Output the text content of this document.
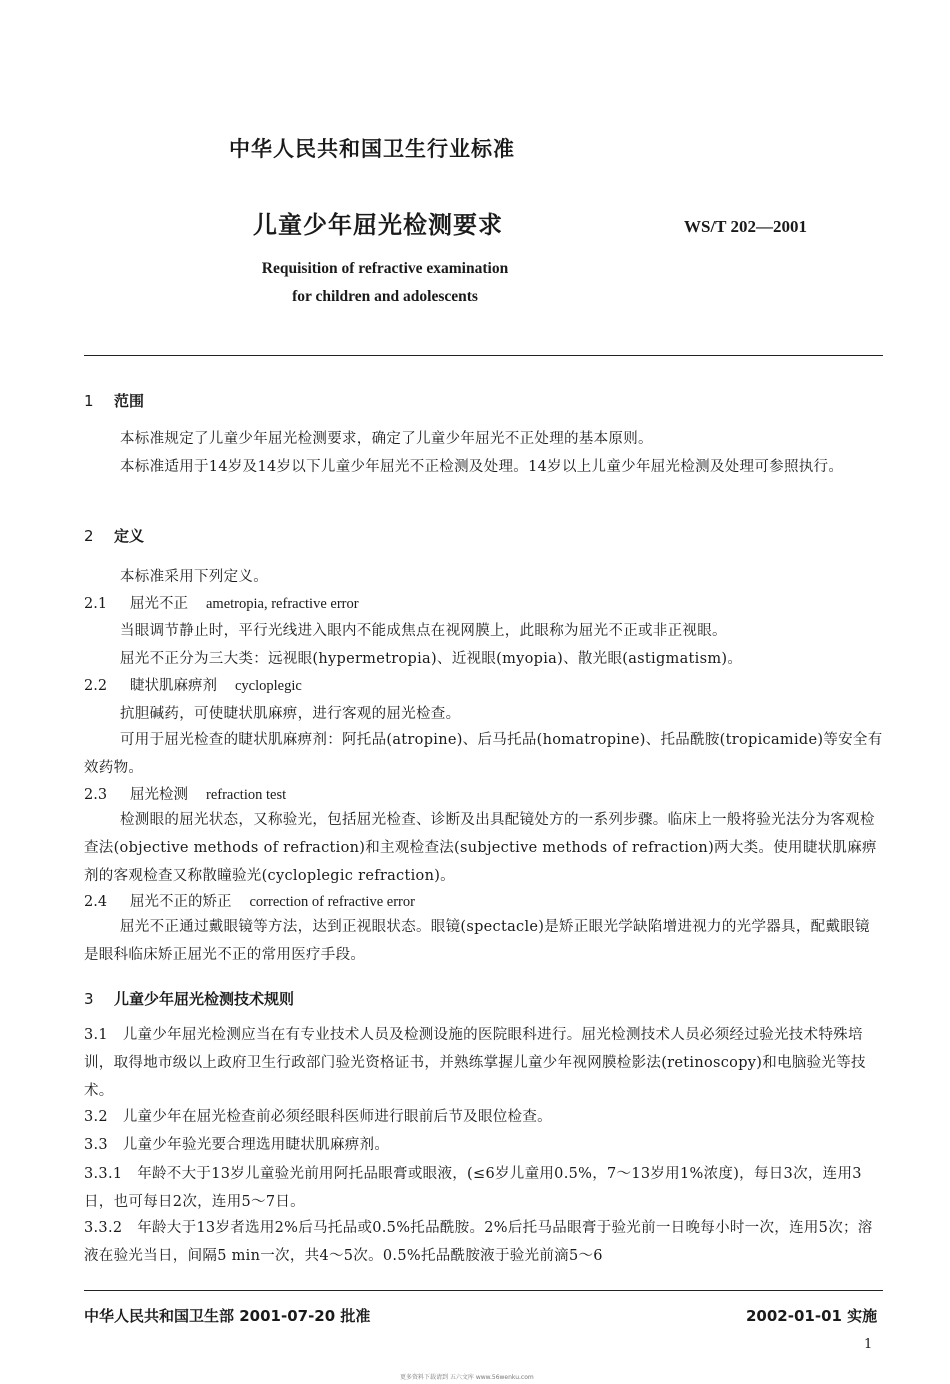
中华人民共和国卫生行业标准
儿童少年屈光检测要求	WS/T 202—2001
Requisition of refractive examination
for children and adolescents
1 范围
本标准规定了儿童少年屈光检测要求，确定了儿童少年屈光不正处理的基本原则。
本标准适用于14岁及14岁以下儿童少年屈光不正检测及处理。14岁以上儿童少年屈光检测及处理可参照执行。
2 定义
本标准采用下列定义。
2.1 屈光不正 ametropia, refractive error
当眼调节静止时，平行光线进入眼内不能成焦点在视网膜上，此眼称为屈光不正或非正视眼。
屈光不正分为三大类：远视眼(hypermetropia)、近视眼(myopia)、散光眼(astigmatism)。
2.2 睫状肌麻痹剂 cycloplegic
抗胆碱药，可使睫状肌麻痹，进行客观的屈光检查。
可用于屈光检查的睫状肌麻痹剂：阿托品(atropine)、后马托品(homatropine)、托品酰胺(tropicamide)等安全有效药物。
2.3 屈光检测 refraction test
检测眼的屈光状态，又称验光，包括屈光检查、诊断及出具配镜处方的一系列步骤。临床上一般将验光法分为客观检查法(objective methods of refraction)和主观检查法(subjective methods of refraction)两大类。使用睫状肌麻痹剂的客观检查又称散瞳验光(cycloplegic refraction)。
2.4 屈光不正的矫正 correction of refractive error
屈光不正通过戴眼镜等方法，达到正视眼状态。眼镜(spectacle)是矫正眼光学缺陷增进视力的光学器具，配戴眼镜是眼科临床矫正屈光不正的常用医疗手段。
3 儿童少年屈光检测技术规则
3.1　儿童少年屈光检测应当在有专业技术人员及检测设施的医院眼科进行。屈光检测技术人员必须经过验光技术特殊培训，取得地市级以上政府卫生行政部门验光资格证书，并熟练掌握儿童少年视网膜检影法(retinoscopy)和电脑验光等技术。
3.2　儿童少年在屈光检查前必须经眼科医师进行眼前后节及眼位检查。
3.3　儿童少年验光要合理选用睫状肌麻痹剂。
3.3.1　年龄不大于13岁儿童验光前用阿托品眼膏或眼液，(≤6岁儿童用0.5%，7～13岁用1%浓度)，每日3次，连用3日，也可每日2次，连用5～7日。
3.3.2　年龄大于13岁者选用2%后马托品或0.5%托品酰胺。2%后托马品眼膏于验光前一日晚每小时一次，连用5次；溶液在验光当日，间隔5 min一次，共4～5次。0.5%托品酰胺液于验光前滴5～6
中华人民共和国卫生部 2001-07-20 批准	2002-01-01 实施
1
更多资料下载请到 五六文库 www.56wenku.com
